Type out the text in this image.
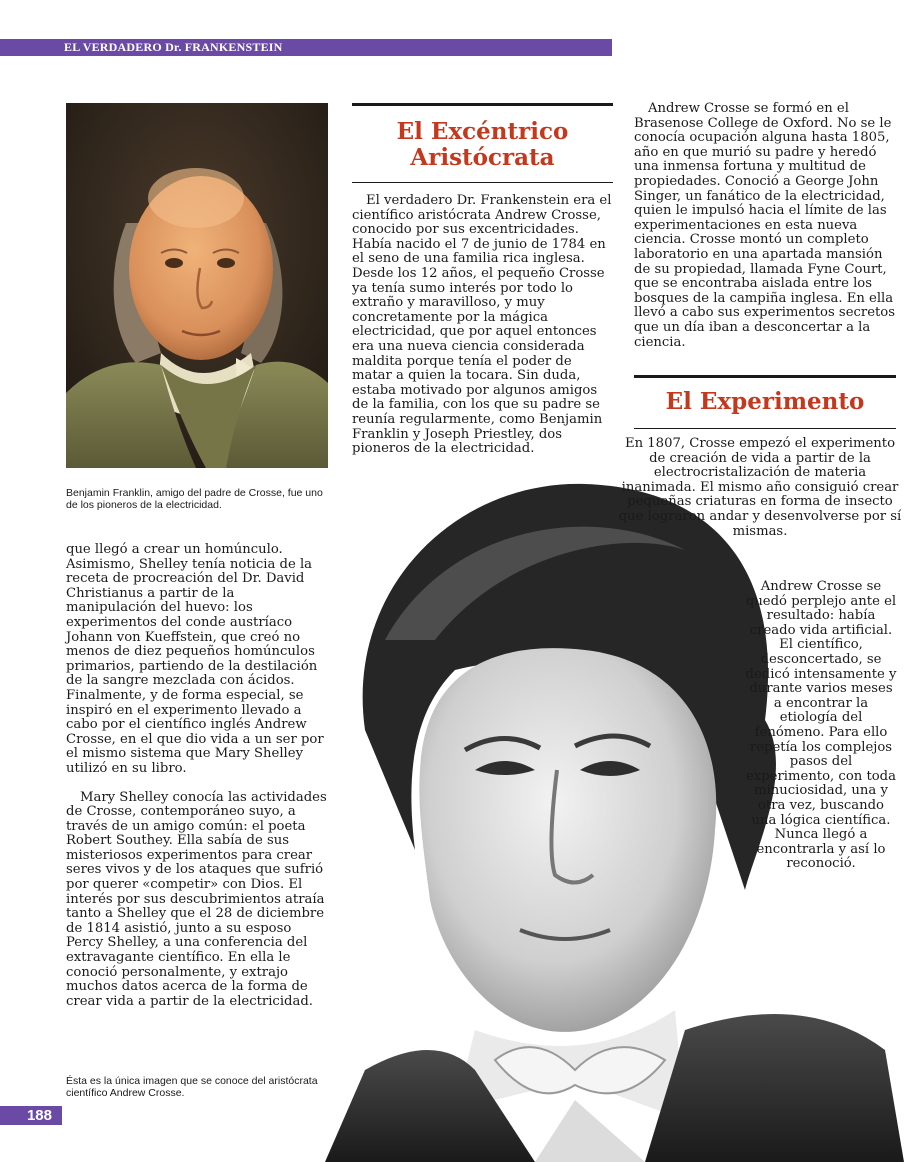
EL VERDADERO Dr. FRANKENSTEIN

Benjamin Franklin, amigo del padre de Crosse, fue uno de los pioneros de la electricidad.

El Excéntrico
Aristócrata

El verdadero Dr. Frankenstein era el científico aristócrata Andrew Crosse, conocido por sus excentricidades. Había nacido el 7 de junio de 1784 en el seno de una familia rica inglesa. Desde los 12 años, el pequeño Crosse ya tenía sumo interés por todo lo extraño y maravilloso, y muy concretamente por la mágica electricidad, que por aquel entonces era una nueva ciencia considerada maldita porque tenía el poder de matar a quien la tocara. Sin duda, estaba motivado por algunos amigos de la familia, con los que su padre se reunía regularmente, como Benjamin Franklin y Joseph Priestley, dos pioneros de la electricidad.

Andrew Crosse se formó en el Brasenose College de Oxford. No se le conocía ocupación alguna hasta 1805, año en que murió su padre y heredó una inmensa fortuna y multitud de propiedades. Conoció a George John Singer, un fanático de la electricidad, quien le impulsó hacia el límite de las experimentaciones en esta nueva ciencia. Crosse montó un completo laboratorio en una apartada mansión de su propiedad, llamada Fyne Court, que se encontraba aislada entre los bosques de la campiña inglesa. En ella llevó a cabo sus experimentos secretos que un día iban a desconcertar a la ciencia.

El Experimento

En 1807, Crosse empezó el experimento de creación de vida a partir de la electrocristalización de materia inanimada. El mismo año consiguió crear pequeñas criaturas en forma de insecto que lograron andar y desenvolverse por sí mismas.

Andrew Crosse se quedó perplejo ante el resultado: había creado vida artificial. El científico, desconcertado, se dedicó intensamente y durante varios meses a encontrar la etiología del fenómeno. Para ello repetía los complejos pasos del experimento, con toda minuciosidad, una y otra vez, buscando una lógica científica. Nunca llegó a encontrarla y así lo reconoció.

que llegó a crear un homúnculo. Asimismo, Shelley tenía noticia de la receta de procreación del Dr. David Christianus a partir de la manipulación del huevo: los experimentos del conde austríaco Johann von Kueffstein, que creó no menos de diez pequeños homúnculos primarios, partiendo de la destilación de la sangre mezclada con ácidos. Finalmente, y de forma especial, se inspiró en el experimento llevado a cabo por el científico inglés Andrew Crosse, en el que dio vida a un ser por el mismo sistema que Mary Shelley utilizó en su libro.

Mary Shelley conocía las actividades de Crosse, contemporáneo suyo, a través de un amigo común: el poeta Robert Southey. Ella sabía de sus misteriosos experimentos para crear seres vivos y de los ataques que sufrió por querer «competir» con Dios. El interés por sus descubrimientos atraía tanto a Shelley que el 28 de diciembre de 1814 asistió, junto a su esposo Percy Shelley, a una conferencia del extravagante científico. En ella le conoció personalmente, y extrajo muchos datos acerca de la forma de crear vida a partir de la electricidad.

Ésta es la única imagen que se conoce del aristócrata científico Andrew Crosse.

188
